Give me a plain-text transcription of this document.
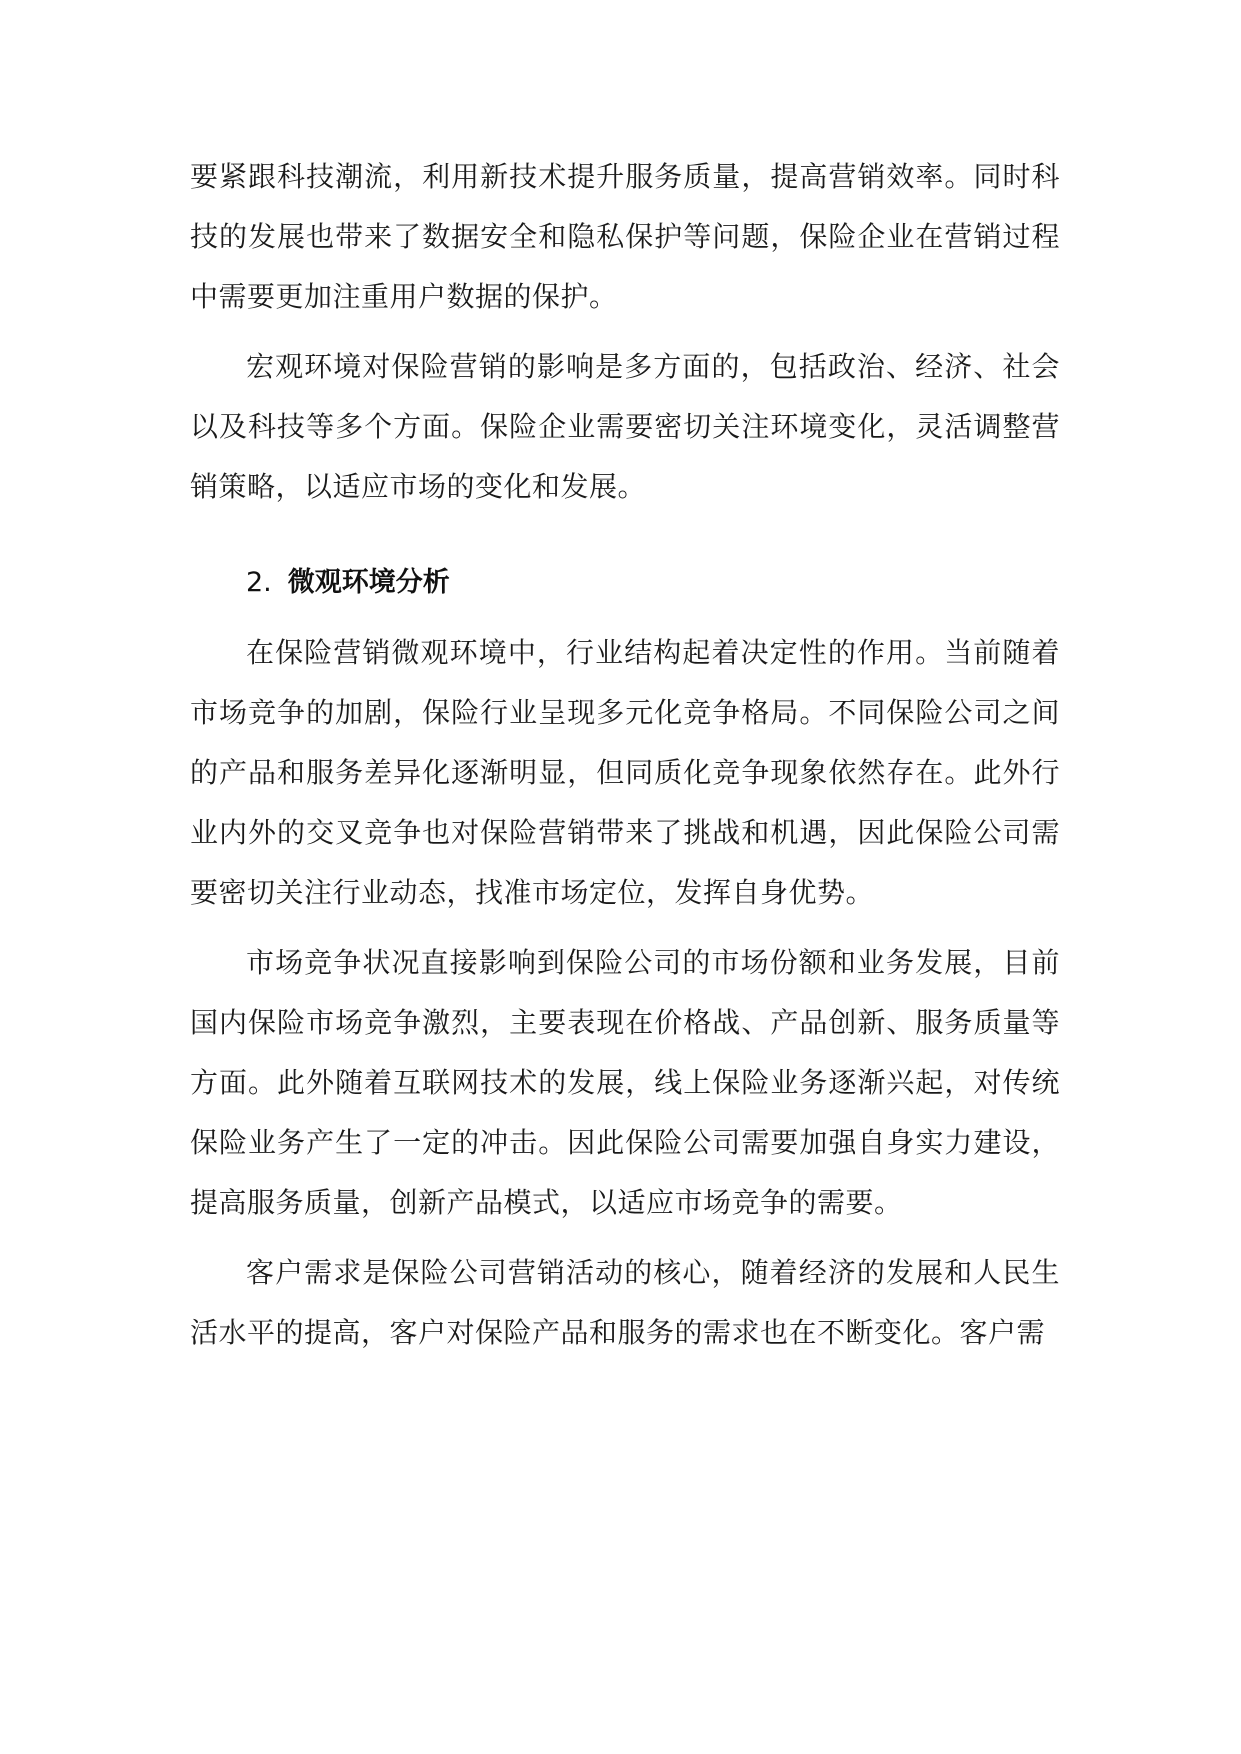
要紧跟科技潮流，利用新技术提升服务质量，提高营销效率。同时科技的发展也带来了数据安全和隐私保护等问题，保险企业在营销过程中需要更加注重用户数据的保护。

宏观环境对保险营销的影响是多方面的，包括政治、经济、社会以及科技等多个方面。保险企业需要密切关注环境变化，灵活调整营销策略，以适应市场的变化和发展。

2. 微观环境分析

在保险营销微观环境中，行业结构起着决定性的作用。当前随着市场竞争的加剧，保险行业呈现多元化竞争格局。不同保险公司之间的产品和服务差异化逐渐明显，但同质化竞争现象依然存在。此外行业内外的交叉竞争也对保险营销带来了挑战和机遇，因此保险公司需要密切关注行业动态，找准市场定位，发挥自身优势。

市场竞争状况直接影响到保险公司的市场份额和业务发展，目前国内保险市场竞争激烈，主要表现在价格战、产品创新、服务质量等方面。此外随着互联网技术的发展，线上保险业务逐渐兴起，对传统保险业务产生了一定的冲击。因此保险公司需要加强自身实力建设，提高服务质量，创新产品模式，以适应市场竞争的需要。

客户需求是保险公司营销活动的核心，随着经济的发展和人民生活水平的提高，客户对保险产品和服务的需求也在不断变化。客户需
